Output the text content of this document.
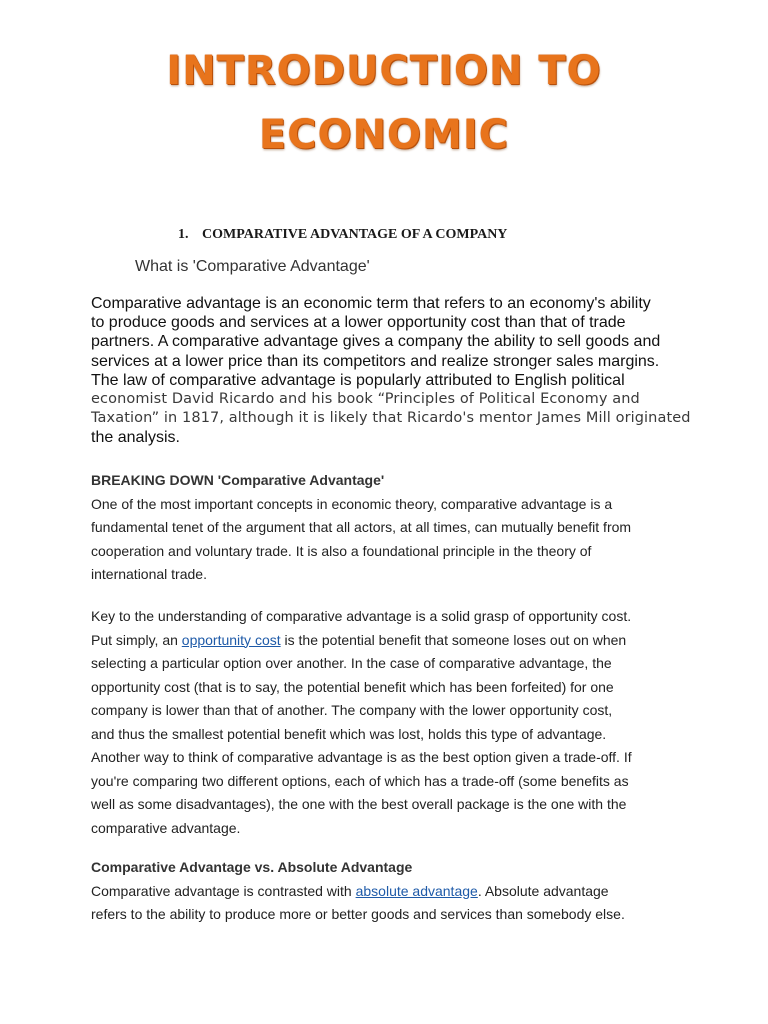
INTRODUCTION TO
ECONOMIC
1. COMPARATIVE ADVANTAGE OF A COMPANY
What is 'Comparative Advantage'
Comparative advantage is an economic term that refers to an economy's ability
to produce goods and services at a lower opportunity cost than that of trade
partners. A comparative advantage gives a company the ability to sell goods and
services at a lower price than its competitors and realize stronger sales margins.
The law of comparative advantage is popularly attributed to English political
economist David Ricardo and his book “Principles of Political Economy and
Taxation” in 1817, although it is likely that Ricardo's mentor James Mill originated
the analysis.
BREAKING DOWN 'Comparative Advantage'
One of the most important concepts in economic theory, comparative advantage is a
fundamental tenet of the argument that all actors, at all times, can mutually benefit from
cooperation and voluntary trade. It is also a foundational principle in the theory of
international trade.
Key to the understanding of comparative advantage is a solid grasp of opportunity cost.
Put simply, an opportunity cost is the potential benefit that someone loses out on when
selecting a particular option over another. In the case of comparative advantage, the
opportunity cost (that is to say, the potential benefit which has been forfeited) for one
company is lower than that of another. The company with the lower opportunity cost,
and thus the smallest potential benefit which was lost, holds this type of advantage.
Another way to think of comparative advantage is as the best option given a trade-off. If
you're comparing two different options, each of which has a trade-off (some benefits as
well as some disadvantages), the one with the best overall package is the one with the
comparative advantage.
Comparative Advantage vs. Absolute Advantage
Comparative advantage is contrasted with absolute advantage. Absolute advantage
refers to the ability to produce more or better goods and services than somebody else.
